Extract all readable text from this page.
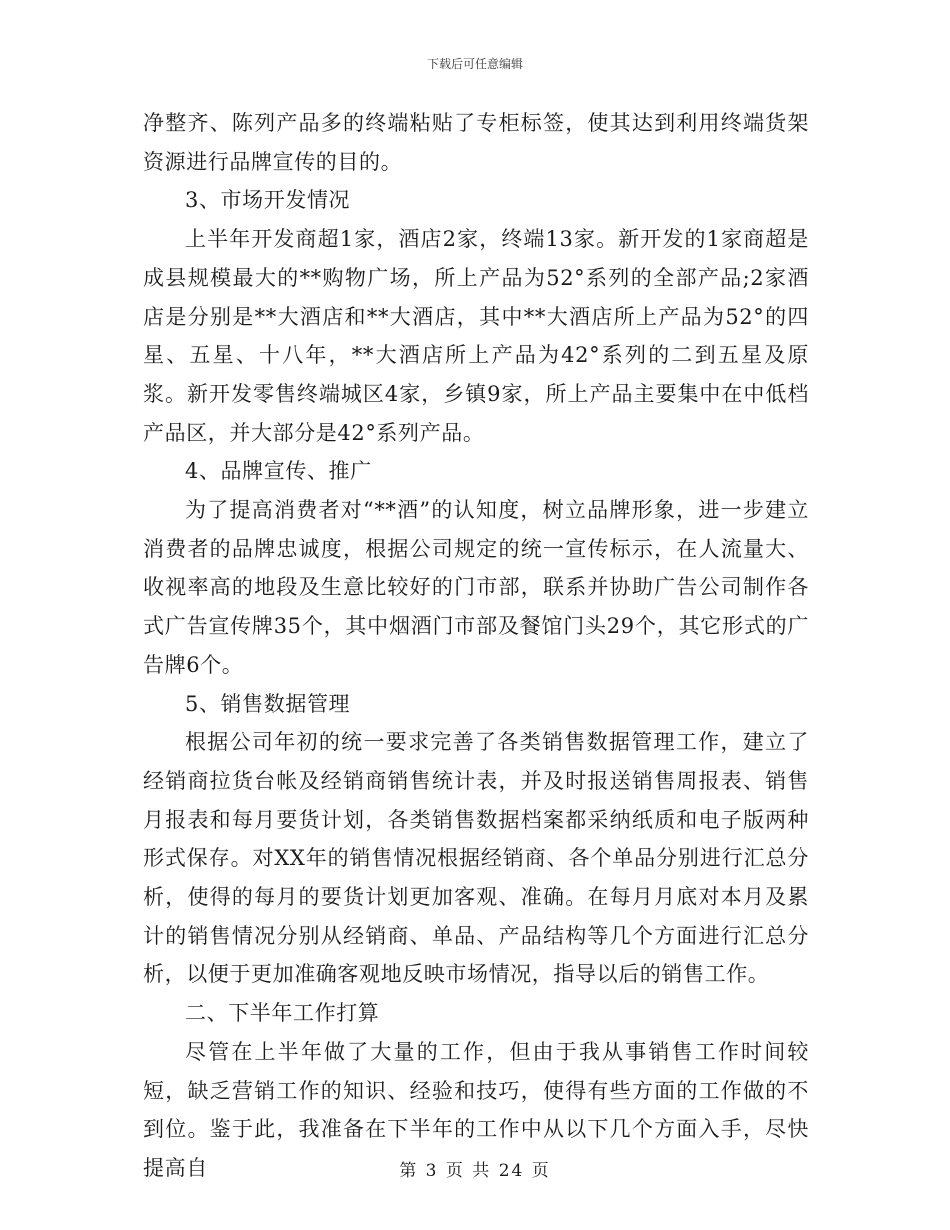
下载后可任意编辑

净整齐、陈列产品多的终端粘贴了专柜标签，使其达到利用终端货架资源进行品牌宣传的目的。

3、市场开发情况

上半年开发商超1家，酒店2家，终端13家。新开发的1家商超是成县规模最大的**购物广场，所上产品为52°系列的全部产品;2家酒店是分别是**大酒店和**大酒店，其中**大酒店所上产品为52°的四星、五星、十八年，**大酒店所上产品为42°系列的二到五星及原浆。新开发零售终端城区4家，乡镇9家，所上产品主要集中在中低档产品区，并大部分是42°系列产品。

4、品牌宣传、推广

为了提高消费者对“**酒”的认知度，树立品牌形象，进一步建立消费者的品牌忠诚度，根据公司规定的统一宣传标示，在人流量大、收视率高的地段及生意比较好的门市部，联系并协助广告公司制作各式广告宣传牌35个，其中烟酒门市部及餐馆门头29个，其它形式的广告牌6个。

5、销售数据管理

根据公司年初的统一要求完善了各类销售数据管理工作，建立了经销商拉货台帐及经销商销售统计表，并及时报送销售周报表、销售月报表和每月要货计划，各类销售数据档案都采纳纸质和电子版两种形式保存。对XX年的销售情况根据经销商、各个单品分别进行汇总分析，使得的每月的要货计划更加客观、准确。在每月月底对本月及累计的销售情况分别从经销商、单品、产品结构等几个方面进行汇总分析，以便于更加准确客观地反映市场情况，指导以后的销售工作。

二、下半年工作打算

尽管在上半年做了大量的工作，但由于我从事销售工作时间较短，缺乏营销工作的知识、经验和技巧，使得有些方面的工作做的不到位。鉴于此，我准备在下半年的工作中从以下几个方面入手，尽快提高自	第 3 页 共 24 页
